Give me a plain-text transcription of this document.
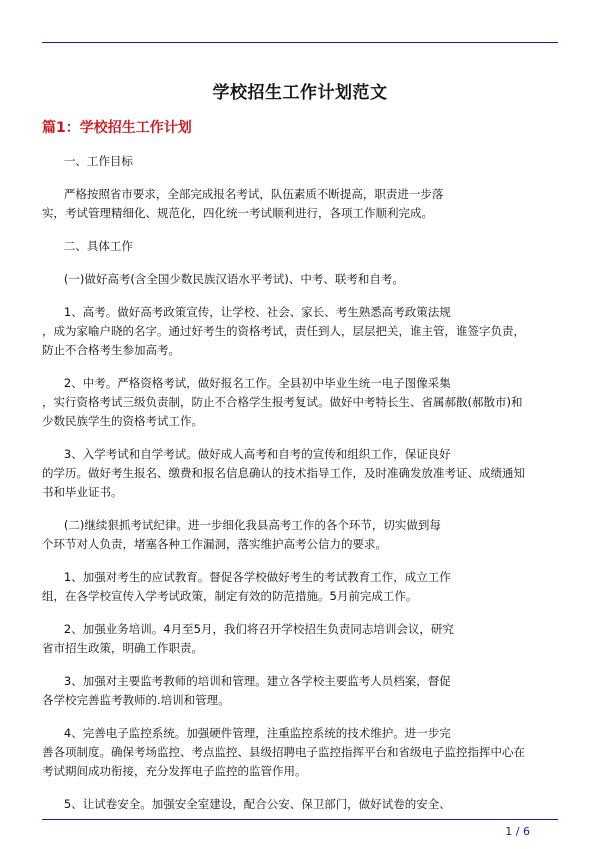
学校招生工作计划范文
篇1：学校招生工作计划

一、工作目标

严格按照省市要求，全部完成报名考试，队伍素质不断提高，职责进一步落
实，考试管理精细化、规范化，四化统一考试顺利进行，各项工作顺利完成。

二、具体工作

(一)做好高考(含全国少数民族汉语水平考试)、中考、联考和自考。

1、高考。做好高考政策宣传，让学校、社会、家长、考生熟悉高考政策法规
，成为家喻户晓的名字。通过好考生的资格考试，责任到人，层层把关，谁主管，谁签字负责，
防止不合格考生参加高考。

2、中考。严格资格考试，做好报名工作。全县初中毕业生统一电子图像采集
，实行资格考试三级负责制，防止不合格学生报考复试。做好中考特长生、省属郝散(郝散市)和
少数民族学生的资格考试工作。

3、入学考试和自学考试。做好成人高考和自考的宣传和组织工作，保证良好
的学历。做好考生报名、缴费和报名信息确认的技术指导工作，及时准确发放准考证、成绩通知
书和毕业证书。

(二)继续狠抓考试纪律。进一步细化我县高考工作的各个环节，切实做到每
个环节对人负责，堵塞各种工作漏洞，落实维护高考公信力的要求。

1、加强对考生的应试教育。督促各学校做好考生的考试教育工作，成立工作
组，在各学校宣传入学考试政策，制定有效的防范措施。5月前完成工作。

2、加强业务培训。4月至5月，我们将召开学校招生负责同志培训会议，研究
省市招生政策，明确工作职责。

3、加强对主要监考教师的培训和管理。建立各学校主要监考人员档案，督促
各学校完善监考教师的.培训和管理。

4、完善电子监控系统。加强硬件管理，注重监控系统的技术维护。进一步完
善各项制度。确保考场监控、考点监控、县级招聘电子监控指挥平台和省级电子监控指挥中心在
考试期间成功衔接，充分发挥电子监控的监管作用。

5、让试卷安全。加强安全室建设，配合公安、保卫部门，做好试卷的安全、

1 / 6
